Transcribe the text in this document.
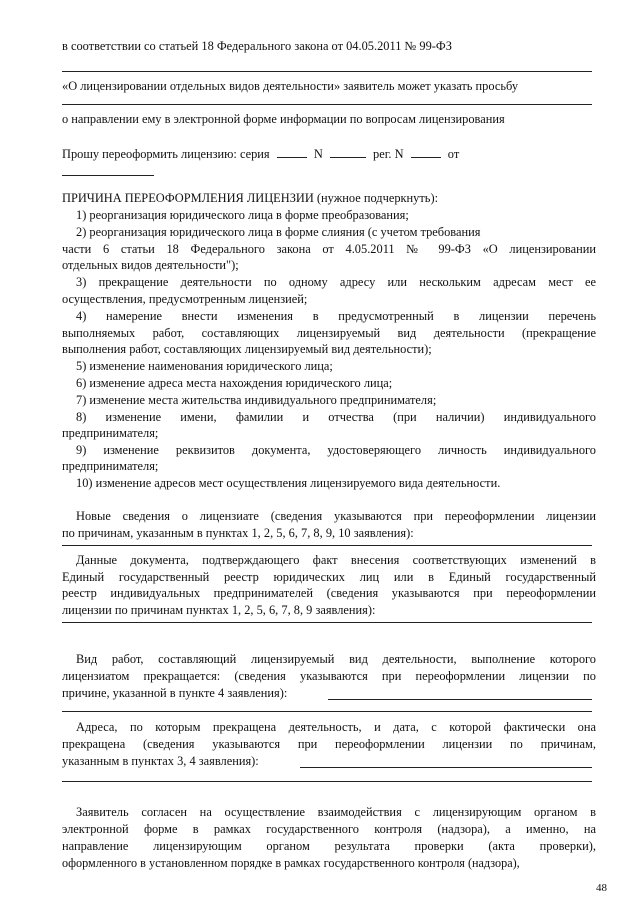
в соответствии со статьей 18 Федерального закона от 04.05.2011 № 99-ФЗ
«О лицензировании отдельных видов деятельности» заявитель может указать просьбу
о направлении ему в электронной форме информации по вопросам лицензирования
Прошу переоформить лицензию: серия	N	рег. N	от
ПРИЧИНА ПЕРЕОФОРМЛЕНИЯ ЛИЦЕНЗИИ (нужное подчеркнуть):
1) реорганизация юридического лица в форме преобразования;
2) реорганизация юридического лица в форме слияния (с учетом требования
части 6 статьи 18 Федерального закона от 4.05.2011 № 99-ФЗ «О лицензировании
отдельных видов деятельности");
3) прекращение деятельности по одному адресу или нескольким адресам мест ее
осуществления, предусмотренным лицензией;
4) намерение внести изменения в предусмотренный в лицензии перечень
выполняемых работ, составляющих лицензируемый вид деятельности (прекращение
выполнения работ, составляющих лицензируемый вид деятельности);
5) изменение наименования юридического лица;
6) изменение адреса места нахождения юридического лица;
7) изменение места жительства индивидуального предпринимателя;
8) изменение имени, фамилии и отчества (при наличии) индивидуального
предпринимателя;
9) изменение реквизитов документа, удостоверяющего личность индивидуального
предпринимателя;
10) изменение адресов мест осуществления лицензируемого вида деятельности.
Новые сведения о лицензиате (сведения указываются при переоформлении лицензии
по причинам, указанным в пунктах 1, 2, 5, 6, 7, 8, 9, 10 заявления):
Данные документа, подтверждающего факт внесения соответствующих изменений в
Единый государственный реестр юридических лиц или в Единый государственный
реестр индивидуальных предпринимателей (сведения указываются при переоформлении
лицензии по причинам пунктах 1, 2, 5, 6, 7, 8, 9 заявления):
Вид работ, составляющий лицензируемый вид деятельности, выполнение которого
лицензиатом прекращается: (сведения указываются при переоформлении лицензии по
причине, указанной в пункте 4 заявления):
Адреса, по которым прекращена деятельность, и дата, с которой фактически она
прекращена (сведения указываются при переоформлении лицензии по причинам,
указанным в пунктах 3, 4 заявления):
Заявитель согласен на осуществление взаимодействия с лицензирующим органом в
электронной форме в рамках государственного контроля (надзора), а именно, на
направление лицензирующим органом результата проверки (акта проверки),
оформленного в установленном порядке в рамках государственного контроля (надзора),
48
